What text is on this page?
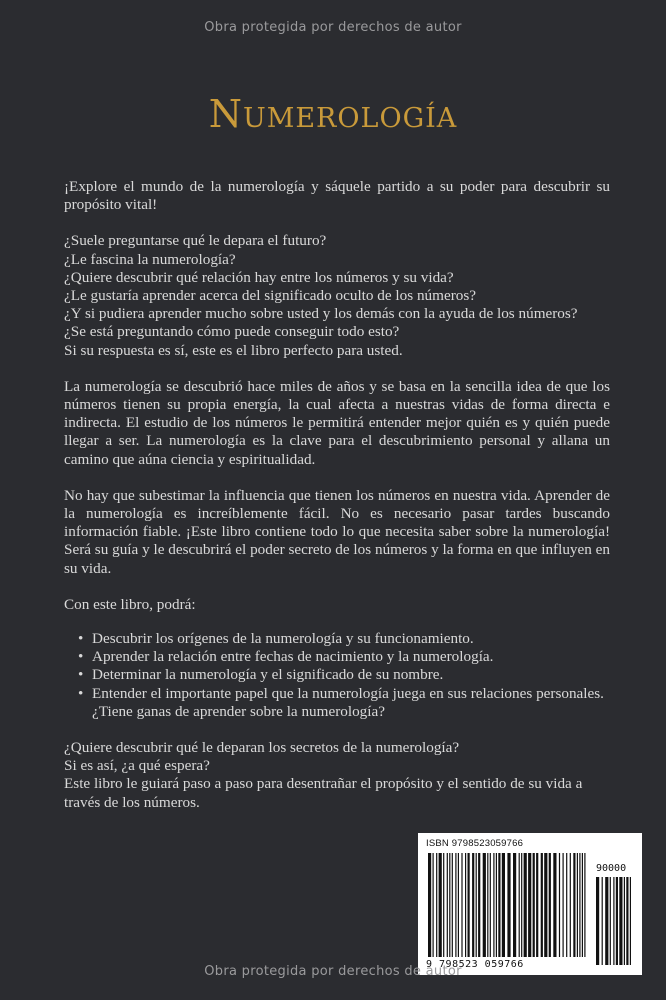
Obra protegida por derechos de autor
Numerología

¡Explore el mundo de la numerología y sáquele partido a su poder para descubrir su propósito vital!

¿Suele preguntarse qué le depara el futuro?

¿Le fascina la numerología?

¿Quiere descubrir qué relación hay entre los números y su vida?

¿Le gustaría aprender acerca del significado oculto de los números?

¿Y si pudiera aprender mucho sobre usted y los demás con la ayuda de los números?

¿Se está preguntando cómo puede conseguir todo esto?

Si su respuesta es sí, este es el libro perfecto para usted.

La numerología se descubrió hace miles de años y se basa en la sencilla idea de que los números tienen su propia energía, la cual afecta a nuestras vidas de forma directa e indirecta. El estudio de los números le permitirá entender mejor quién es y quién puede llegar a ser. La numerología es la clave para el descubrimiento personal y allana un camino que aúna ciencia y espiritualidad.

No hay que subestimar la influencia que tienen los números en nuestra vida. Aprender de la numerología es increíblemente fácil. No es necesario pasar tardes buscando información fiable. ¡Este libro contiene todo lo que necesita saber sobre la numerología! Será su guía y le descubrirá el poder secreto de los números y la forma en que influyen en su vida.

Con este libro, podrá:

• Descubrir los orígenes de la numerología y su funcionamiento.
• Aprender la relación entre fechas de nacimiento y la numerología.
• Determinar la numerología y el significado de su nombre.
• Entender el importante papel que la numerología juega en sus relaciones personales. ¿Tiene ganas de aprender sobre la numerología?

¿Quiere descubrir qué le deparan los secretos de la numerología?

Si es así, ¿a qué espera?

Este libro le guiará paso a paso para desentrañar el propósito y el sentido de su vida a través de los números.

ISBN 9798523059766
90000
9 798523 059766
Obra protegida por derechos de autor
